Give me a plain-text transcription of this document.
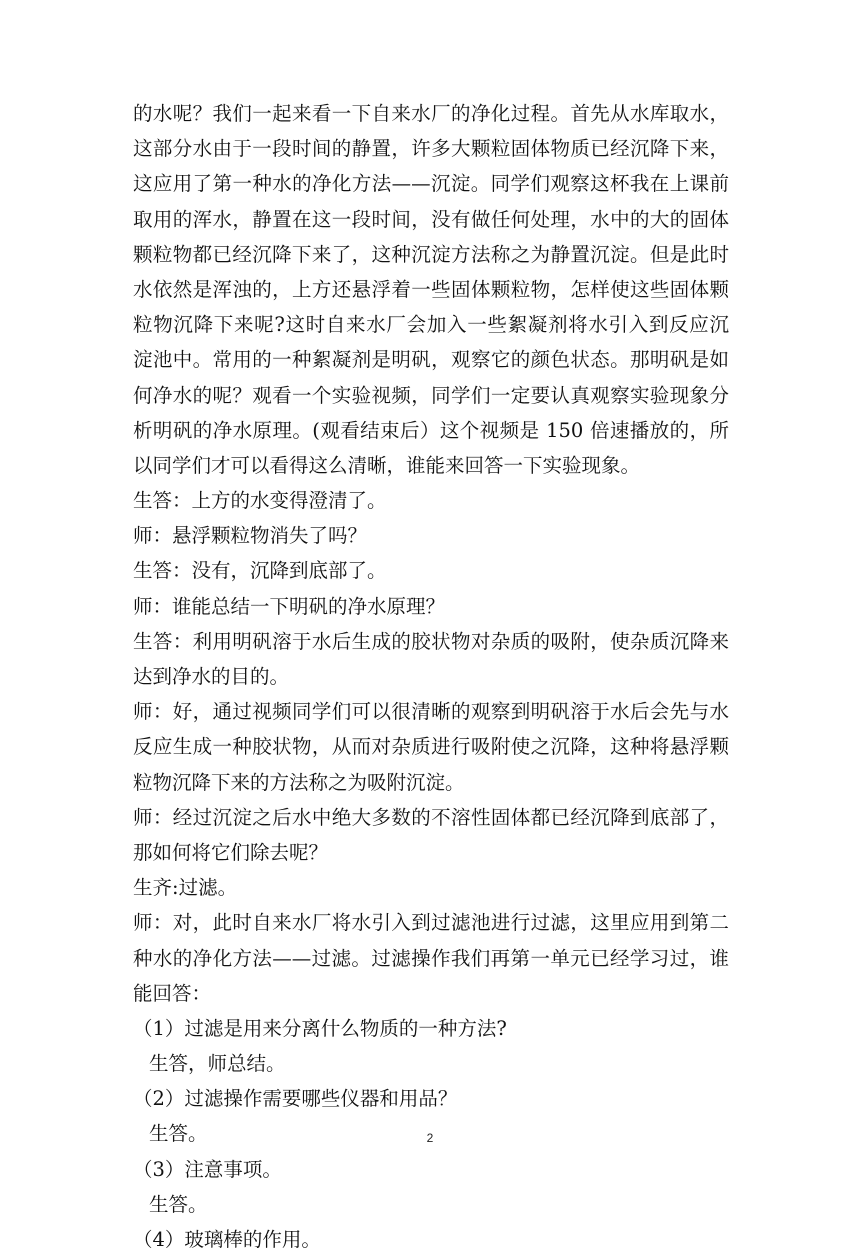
的水呢？我们一起来看一下自来水厂的净化过程。首先从水库取水，
这部分水由于一段时间的静置，许多大颗粒固体物质已经沉降下来，
这应用了第一种水的净化方法——沉淀。同学们观察这杯我在上课前
取用的浑水，静置在这一段时间，没有做任何处理，水中的大的固体
颗粒物都已经沉降下来了，这种沉淀方法称之为静置沉淀。但是此时
水依然是浑浊的，上方还悬浮着一些固体颗粒物，怎样使这些固体颗
粒物沉降下来呢?这时自来水厂会加入一些絮凝剂将水引入到反应沉
淀池中。常用的一种絮凝剂是明矾，观察它的颜色状态。那明矾是如
何净水的呢？观看一个实验视频，同学们一定要认真观察实验现象分
析明矾的净水原理。(观看结束后）这个视频是 150 倍速播放的，所
以同学们才可以看得这么清晰，谁能来回答一下实验现象。
生答：上方的水变得澄清了。
师：悬浮颗粒物消失了吗？
生答：没有，沉降到底部了。
师：谁能总结一下明矾的净水原理？
生答：利用明矾溶于水后生成的胶状物对杂质的吸附，使杂质沉降来
达到净水的目的。
师：好，通过视频同学们可以很清晰的观察到明矾溶于水后会先与水
反应生成一种胶状物，从而对杂质进行吸附使之沉降，这种将悬浮颗
粒物沉降下来的方法称之为吸附沉淀。
师：经过沉淀之后水中绝大多数的不溶性固体都已经沉降到底部了，
那如何将它们除去呢？
生齐:过滤。
师：对，此时自来水厂将水引入到过滤池进行过滤，这里应用到第二
种水的净化方法——过滤。过滤操作我们再第一单元已经学习过，谁
能回答：
（1）过滤是用来分离什么物质的一种方法?
生答，师总结。
（2）过滤操作需要哪些仪器和用品？
生答。
（3）注意事项。
生答。
（4）玻璃棒的作用。
2
